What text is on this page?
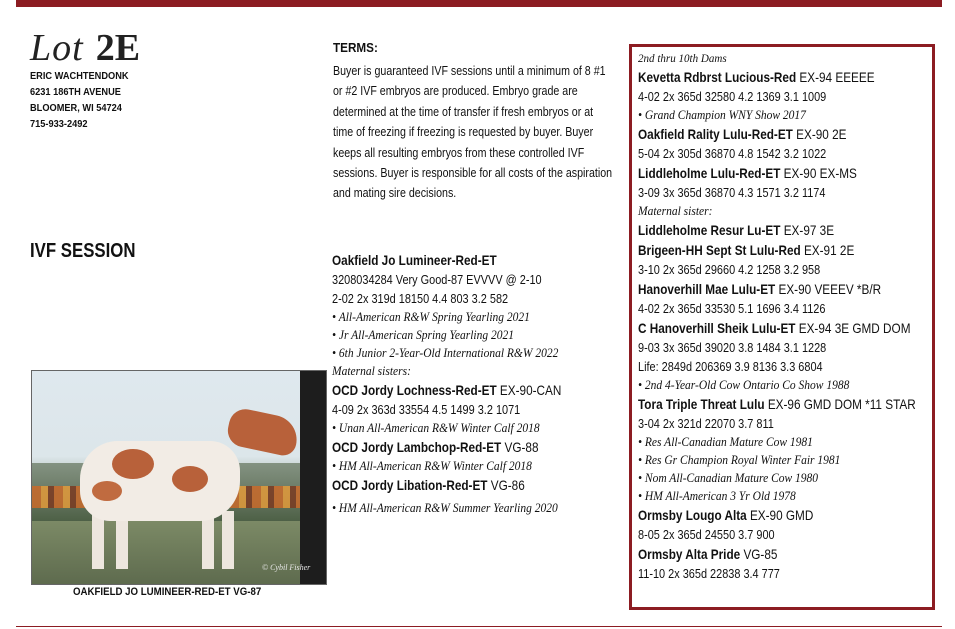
Lot 2E
ERIC WACHTENDONK
6231 186TH AVENUE
BLOOMER, WI 54724
715-933-2492
IVF SESSION
© Cybil Fisher
OAKFIELD JO LUMINEER-RED-ET VG-87
TERMS:
Buyer is guaranteed IVF sessions until a minimum of 8 #1 or #2 IVF embryos are produced. Embryo grade are determined at the time of transfer if fresh embryos or at time of freezing if freezing is requested by buyer. Buyer keeps all resulting embryos from these controlled IVF sessions. Buyer is responsible for all costs of the aspiration and mating sire decisions.
Oakfield Jo Lumineer-Red-ET
3208034284 Very Good-87 EVVVV @ 2-10
2-02 2x 319d 18150 4.4 803 3.2 582
• All-American R&W Spring Yearling 2021
• Jr All-American Spring Yearling 2021
• 6th Junior 2-Year-Old International R&W 2022
Maternal sisters:
OCD Jordy Lochness-Red-ET EX-90-CAN
4-09 2x 363d 33554 4.5 1499 3.2 1071
• Unan All-American R&W Winter Calf 2018
OCD Jordy Lambchop-Red-ET VG-88
• HM All-American R&W Winter Calf 2018
OCD Jordy Libation-Red-ET VG-86
• HM All-American R&W Summer Yearling 2020
2nd thru 10th Dams
Kevetta Rdbrst Lucious-Red EX-94 EEEEE
4-02 2x 365d 32580 4.2 1369 3.1 1009
• Grand Champion WNY Show 2017
Oakfield Rality Lulu-Red-ET EX-90 2E
5-04 2x 305d 36870 4.8 1542 3.2 1022
Liddleholme Lulu-Red-ET EX-90 EX-MS
3-09 3x 365d 36870 4.3 1571 3.2 1174
Maternal sister:
Liddleholme Resur Lu-ET EX-97 3E
Brigeen-HH Sept St Lulu-Red EX-91 2E
3-10 2x 365d 29660 4.2 1258 3.2 958
Hanoverhill Mae Lulu-ET EX-90 VEEEV *B/R
4-02 2x 365d 33530 5.1 1696 3.4 1126
C Hanoverhill Sheik Lulu-ET EX-94 3E GMD DOM
9-03 3x 365d 39020 3.8 1484 3.1 1228
Life: 2849d 206369 3.9 8136 3.3 6804
• 2nd 4-Year-Old Cow Ontario Co Show 1988
Tora Triple Threat Lulu EX-96 GMD DOM *11 STAR
3-04 2x 321d 22070 3.7 811
• Res All-Canadian Mature Cow 1981
• Res Gr Champion Royal Winter Fair 1981
• Nom All-Canadian Mature Cow 1980
• HM All-American 3 Yr Old 1978
Ormsby Lougo Alta EX-90 GMD
8-05 2x 365d 24550 3.7 900
Ormsby Alta Pride VG-85
11-10 2x 365d 22838 3.4 777
